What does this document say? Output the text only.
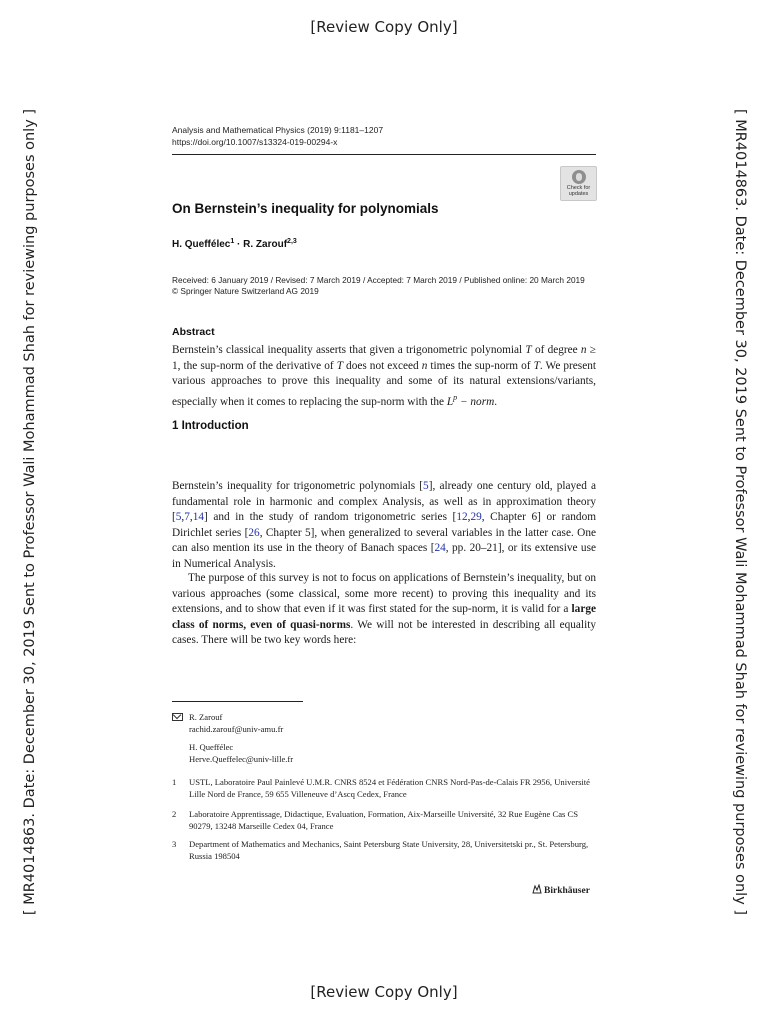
[Review Copy Only]
[Review Copy Only]
[ MR4014863. Date: December 30, 2019 Sent to Professor Wali Mohammad Shah for reviewing purposes only ]	[ MR4014863. Date: December 30, 2019 Sent to Professor Wali Mohammad Shah for reviewing purposes only ]
Analysis and Mathematical Physics (2019) 9:1181–1207
https://doi.org/10.1007/s13324-019-00294-x
Check for
updates
On Bernstein’s inequality for polynomials
H. Queffélec$^1$ · R. Zarouf$^{2,3}$
Received: 6 January 2019 / Revised: 7 March 2019 / Accepted: 7 March 2019 / Published online: 20 March 2019
© Springer Nature Switzerland AG 2019
Abstract
Bernstein’s classical inequality asserts that given a trigonometric polynomial T of degree n ≥ 1, the sup-norm of the derivative of T does not exceed n times the sup-norm of T. We present various approaches to prove this inequality and some of its natural extensions/variants, especially when it comes to replacing the sup-norm with the $L^p$ − norm.
1 Introduction
Bernstein’s inequality for trigonometric polynomials [5], already one century old, played a fundamental role in harmonic and complex Analysis, as well as in approximation theory [5,7,14] and in the study of random trigonometric series [12,29, Chapter 6] or random Dirichlet series [26, Chapter 5], when generalized to several variables in the latter case. One can also mention its use in the theory of Banach spaces [24, pp. 20–21], or its extensive use in Numerical Analysis.
The purpose of this survey is not to focus on applications of Bernstein’s inequality, but on various approaches (some classical, some more recent) to proving this inequality and its extensions, and to show that even if it was first stated for the sup-norm, it is valid for a large class of norms, even of quasi-norms. We will not be interested in describing all equality cases. There will be two key words here:
R. Zarouf
rachid.zarouf@univ-amu.fr
H. Queffélec
Herve.Queffelec@univ-lille.fr
1 USTL, Laboratoire Paul Painlevé U.M.R. CNRS 8524 et Fédération CNRS Nord-Pas-de-Calais FR 2956, Université Lille Nord de France, 59 655 Villeneuve d’Ascq Cedex, France
2 Laboratoire Apprentissage, Didactique, Evaluation, Formation, Aix-Marseille Université, 32 Rue Eugène Cas CS 90279, 13248 Marseille Cedex 04, France
3 Department of Mathematics and Mechanics, Saint Petersburg State University, 28, Universitetski pr., St. Petersburg, Russia 198504
Birkhäuser
